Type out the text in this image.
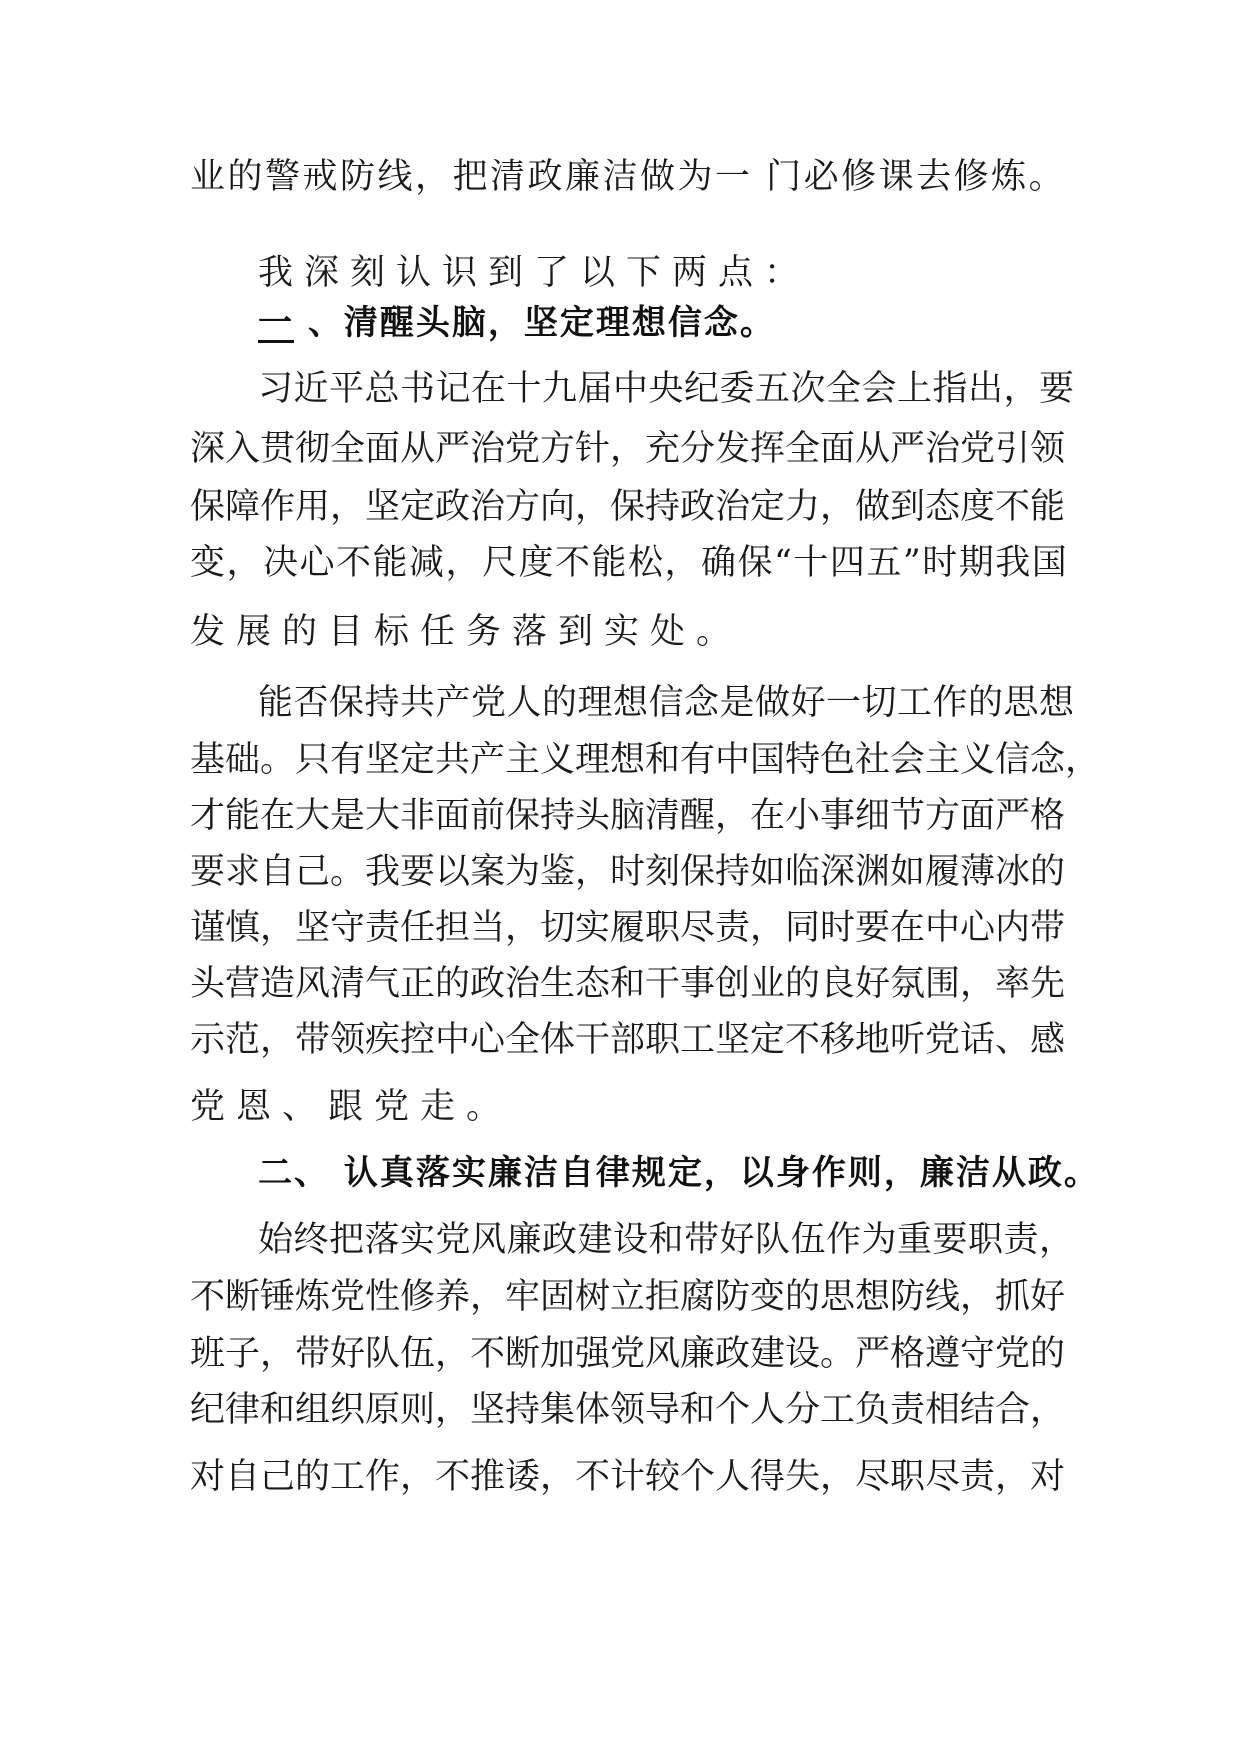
业的警戒防线，把清政廉洁做为一 门必修课去修炼。
我深刻认识到了以下两点：
一 、清醒头脑，坚定理想信念。
习近平总书记在十九届中央纪委五次全会上指出，要
深入贯彻全面从严治党方针，充分发挥全面从严治党引领
保障作用，坚定政治方向，保持政治定力，做到态度不能
变，决心不能减，尺度不能松，确保“十四五”时期我国
发展的目标任务落到实处。
能否保持共产党人的理想信念是做好一切工作的思想
基础。只有坚定共产主义理想和有中国特色社会主义信念，
才能在大是大非面前保持头脑清醒，在小事细节方面严格
要求自己。我要以案为鉴，时刻保持如临深渊如履薄冰的
谨慎，坚守责任担当，切实履职尽责，同时要在中心内带
头营造风清气正的政治生态和干事创业的良好氛围，率先
示范，带领疾控中心全体干部职工坚定不移地听党话、感
党恩、跟党走。
二、 认真落实廉洁自律规定，以身作则，廉洁从政。
始终把落实党风廉政建设和带好队伍作为重要职责，
不断锤炼党性修养，牢固树立拒腐防变的思想防线，抓好
班子，带好队伍，不断加强党风廉政建设。严格遵守党的
纪律和组织原则，坚持集体领导和个人分工负责相结合，
对自己的工作，不推诿，不计较个人得失，尽职尽责，对
